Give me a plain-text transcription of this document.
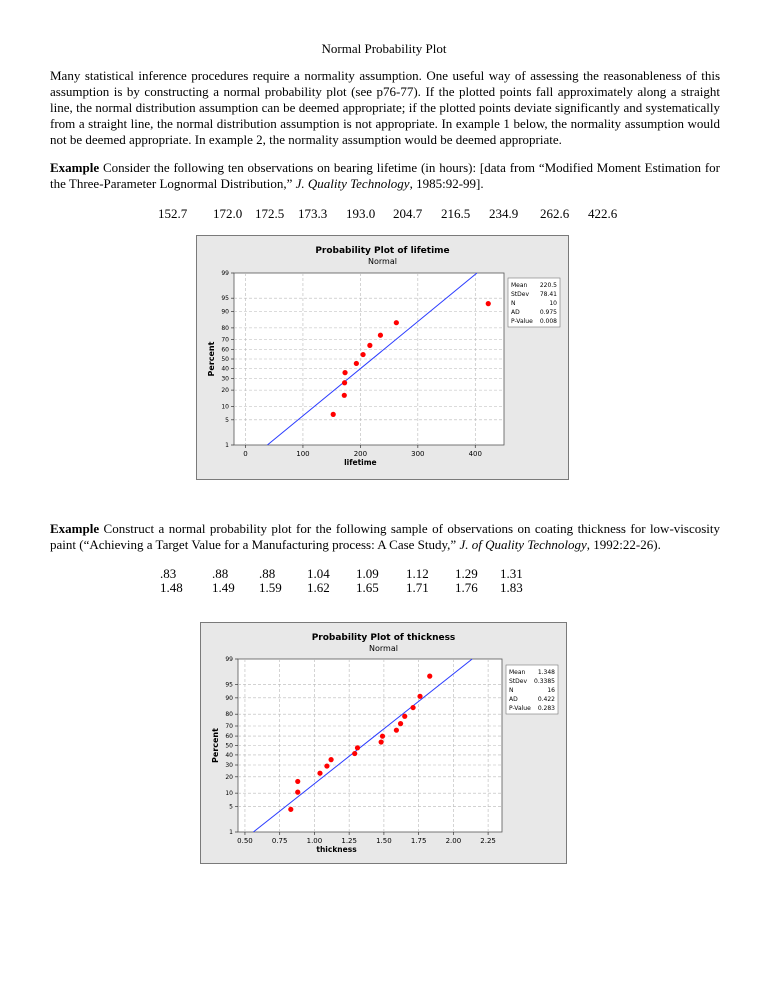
Normal Probability Plot
Many statistical inference procedures require a normality assumption. One useful way of assessing the reasonableness of this assumption is by constructing a normal probability plot (see p76-77). If the plotted points fall approximately along a straight line, the normal distribution assumption can be deemed appropriate; if the plotted points deviate significantly and systematically from a straight line, the normal distribution assumption is not appropriate. In example 1 below, the normality assumption would not be deemed appropriate. In example 2, the normality assumption would be deemed appropriate.
Example Consider the following ten observations on bearing lifetime (in hours): [data from “Modified Moment Estimation for the Three-Parameter Lognormal Distribution,” J. Quality Technology, 1985:92-99].
152.7 172.0 172.5 173.3 193.0 204.7 216.5 234.9 262.6 422.6
Probability Plot of lifetime
Normal
1
5
10
20
30
40
50
60
70
80
90
95
99
0	100	200	300	400
lifetime
Percent
Mean 220.5
StDev 78.41
N	10
AD	0.975
P-Value 0.008
Example Construct a normal probability plot for the following sample of observations on coating thickness for low-viscosity paint (“Achieving a Target Value for a Manufacturing process: A Case Study,” J. of Quality Technology, 1992:22-26).
.83	.88 .88 1.04 1.09 1.12 1.29 1.31
1.48 1.49 1.59 1.62 1.65 1.71 1.76 1.83
Probability Plot of thickness
Normal
1
5
10
20
30
40
50
60
70
80
90
95
99
0.50	0.75	1.00	1.25	1.50	1.75	2.00	2.25
thickness
Percent
Mean 1.348
StDev 0.3385
N	16
AD	0.422
P-Value 0.283
